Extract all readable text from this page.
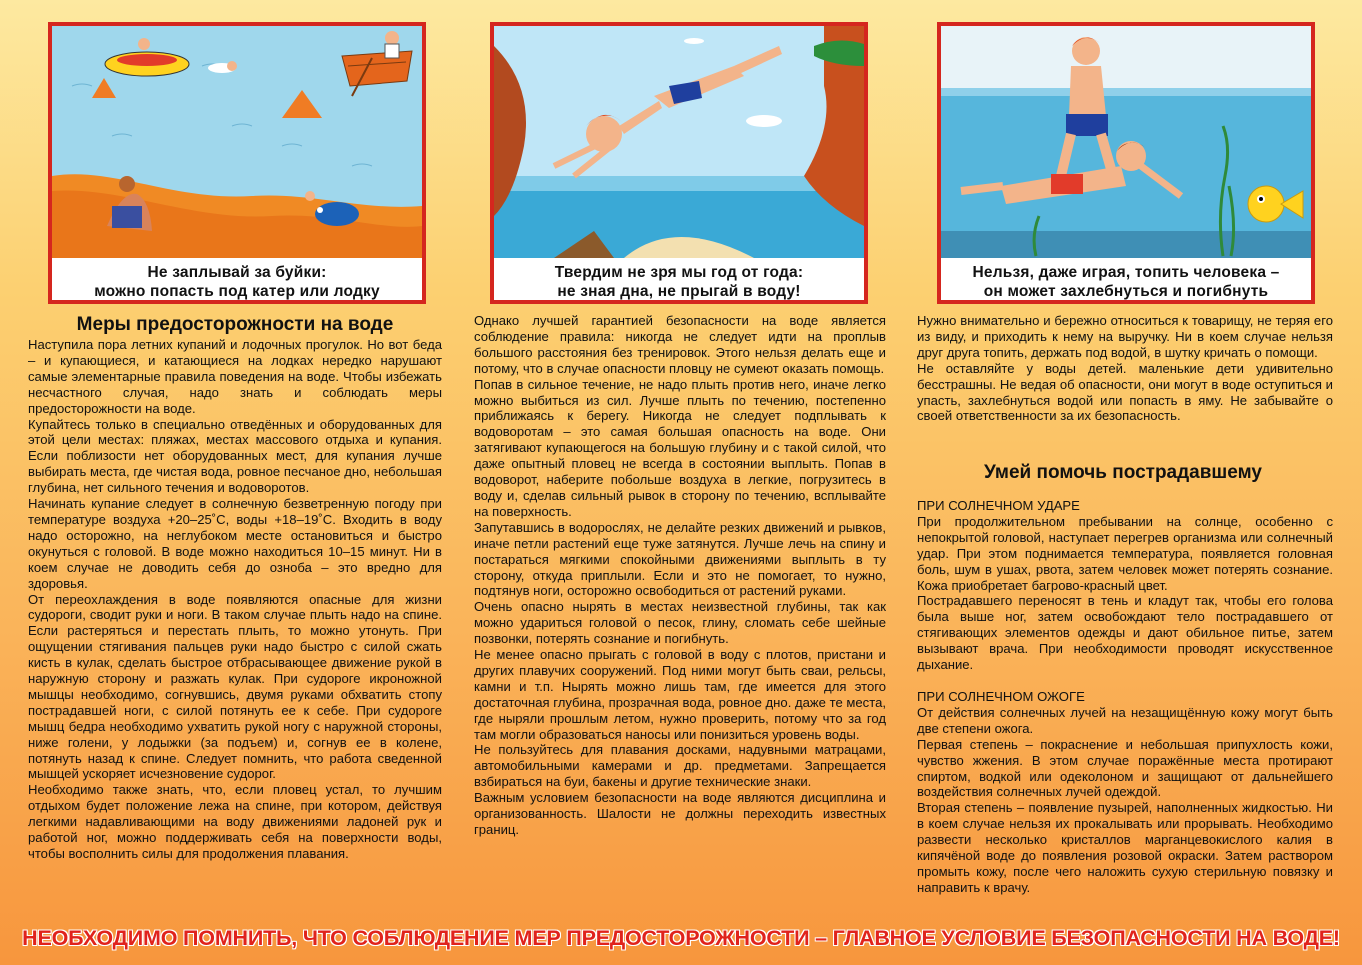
Не заплывай за буйки:
можно попасть под катер или лодку
Меры предосторожности на воде

Наступила пора летних купаний и лодочных прогулок. Но вот беда – и купающиеся, и катающиеся на лодках нередко нарушают самые элементарные правила поведения на воде. Чтобы избежать несчастного случая, надо знать и соблюдать меры предосторожности на воде.

Купайтесь только в специально отведённых и оборудованных для этой цели местах: пляжах, местах массового отдыха и купания. Если поблизости нет оборудованных мест, для купания лучше выбирать места, где чистая вода, ровное песчаное дно, небольшая глубина, нет сильного течения и водоворотов.

Начинать купание следует в солнечную безветренную погоду при температуре воздуха +20–25˚С, воды +18–19˚С. Входить в воду надо осторожно, на неглубоком месте остановиться и быстро окунуться с головой. В воде можно находиться 10–15 минут. Ни в коем случае не доводить себя до озноба – это вредно для здоровья.

От переохлаждения в воде появляются опасные для жизни судороги, сводит руки и ноги. В таком случае плыть надо на спине. Если растеряться и перестать плыть, то можно утонуть. При ощущении стягивания пальцев руки надо быстро с силой сжать кисть в кулак, сделать быстрое отбрасывающее движение рукой в наружную сторону и разжать кулак. При судороге икроножной мышцы необходимо, согнувшись, двумя руками обхватить стопу пострадавшей ноги, с силой потянуть ее к себе. При судороге мышц бедра необходимо ухватить рукой ногу с наружной стороны, ниже голени, у лодыжки (за подъем) и, согнув ее в колене, потянуть назад к спине. Следует помнить, что работа сведенной мышцей ускоряет исчезновение судорог.

Необходимо также знать, что, если пловец устал, то лучшим отдыхом будет положение лежа на спине, при котором, действуя легкими надавливающими на воду движениями ладоней рук и работой ног, можно поддерживать себя на поверхности воды, чтобы восполнить силы для продолжения плавания.

Твердим не зря мы год от года:
не зная дна, не прыгай в воду!

Однако лучшей гарантией безопасности на воде является соблюдение правила: никогда не следует идти на проплыв большого расстояния без тренировок. Этого нельзя делать еще и потому, что в случае опасности пловцу не сумеют оказать помощь.

Попав в сильное течение, не надо плыть против него, иначе легко можно выбиться из сил. Лучше плыть по течению, постепенно приближаясь к берегу. Никогда не следует подплывать к водоворотам – это самая большая опасность на воде. Они затягивают купающегося на большую глубину и с такой силой, что даже опытный пловец не всегда в состоянии выплыть. Попав в водоворот, наберите побольше воздуха в легкие, погрузитесь в воду и, сделав сильный рывок в сторону по течению, всплывайте на поверхность.

Запутавшись в водорослях, не делайте резких движений и рывков, иначе петли растений еще туже затянутся. Лучше лечь на спину и постараться мягкими спокойными движениями выплыть в ту сторону, откуда приплыли. Если и это не помогает, то нужно, подтянув ноги, осторожно освободиться от растений руками.

Очень опасно нырять в местах неизвестной глубины, так как можно удариться головой о песок, глину, сломать себе шейные позвонки, потерять сознание и погибнуть.

Не менее опасно прыгать с головой в воду с плотов, пристани и других плавучих сооружений. Под ними могут быть сваи, рельсы, камни и т.п. Нырять можно лишь там, где имеется для этого достаточная глубина, прозрачная вода, ровное дно. даже те места, где ныряли прошлым летом, нужно проверить, потому что за год там могли образоваться наносы или понизиться уровень воды.

Не пользуйтесь для плавания досками, надувными матрацами, автомобильными камерами и др. предметами. Запрещается взбираться на буи, бакены и другие технические знаки.

Важным условием безопасности на воде являются дисциплина и организованность. Шалости не должны переходить известных границ.

Нельзя, даже играя, топить человека –
он может захлебнуться и погибнуть

Нужно внимательно и бережно относиться к товарищу, не теряя его из виду, и приходить к нему на выручку. Ни в коем случае нельзя друг друга топить, держать под водой, в шутку кричать о помощи.

Не оставляйте у воды детей. маленькие дети удивительно бесстрашны. Не ведая об опасности, они могут в воде оступиться и упасть, захлебнуться водой или попасть в яму. Не забывайте о своей ответственности за их безопасность.

Умей помочь пострадавшему

ПРИ СОЛНЕЧНОМ УДАРЕ

При продолжительном пребывании на солнце, особенно с непокрытой головой, наступает перегрев организма или солнечный удар. При этом поднимается температура, появляется головная боль, шум в ушах, рвота, затем человек может потерять сознание. Кожа приобретает багрово-красный цвет.

Пострадавшего переносят в тень и кладут так, чтобы его голова была выше ног, затем освобождают тело пострадавшего от стягивающих элементов одежды и дают обильное питье, затем вызывают врача. При необходимости проводят искусственное дыхание.

ПРИ СОЛНЕЧНОМ ОЖОГЕ

От действия солнечных лучей на незащищённую кожу могут быть две степени ожога.

Первая степень – покраснение и небольшая припухлость кожи, чувство жжения. В этом случае поражённые места протирают спиртом, водкой или одеколоном и защищают от дальнейшего воздействия солнечных лучей одеждой.

Вторая степень – появление пузырей, наполненных жидкостью. Ни в коем случае нельзя их прокалывать или прорывать. Необходимо развести несколько кристаллов марганцевокислого калия в кипячёной воде до появления розовой окраски. Затем раствором промыть кожу, после чего наложить сухую стерильную повязку и направить к врачу.

НЕОБХОДИМО ПОМНИТЬ, ЧТО СОБЛЮДЕНИЕ МЕР ПРЕДОСТОРОЖНОСТИ – ГЛАВНОЕ УСЛОВИЕ БЕЗОПАСНОСТИ НА ВОДЕ!
